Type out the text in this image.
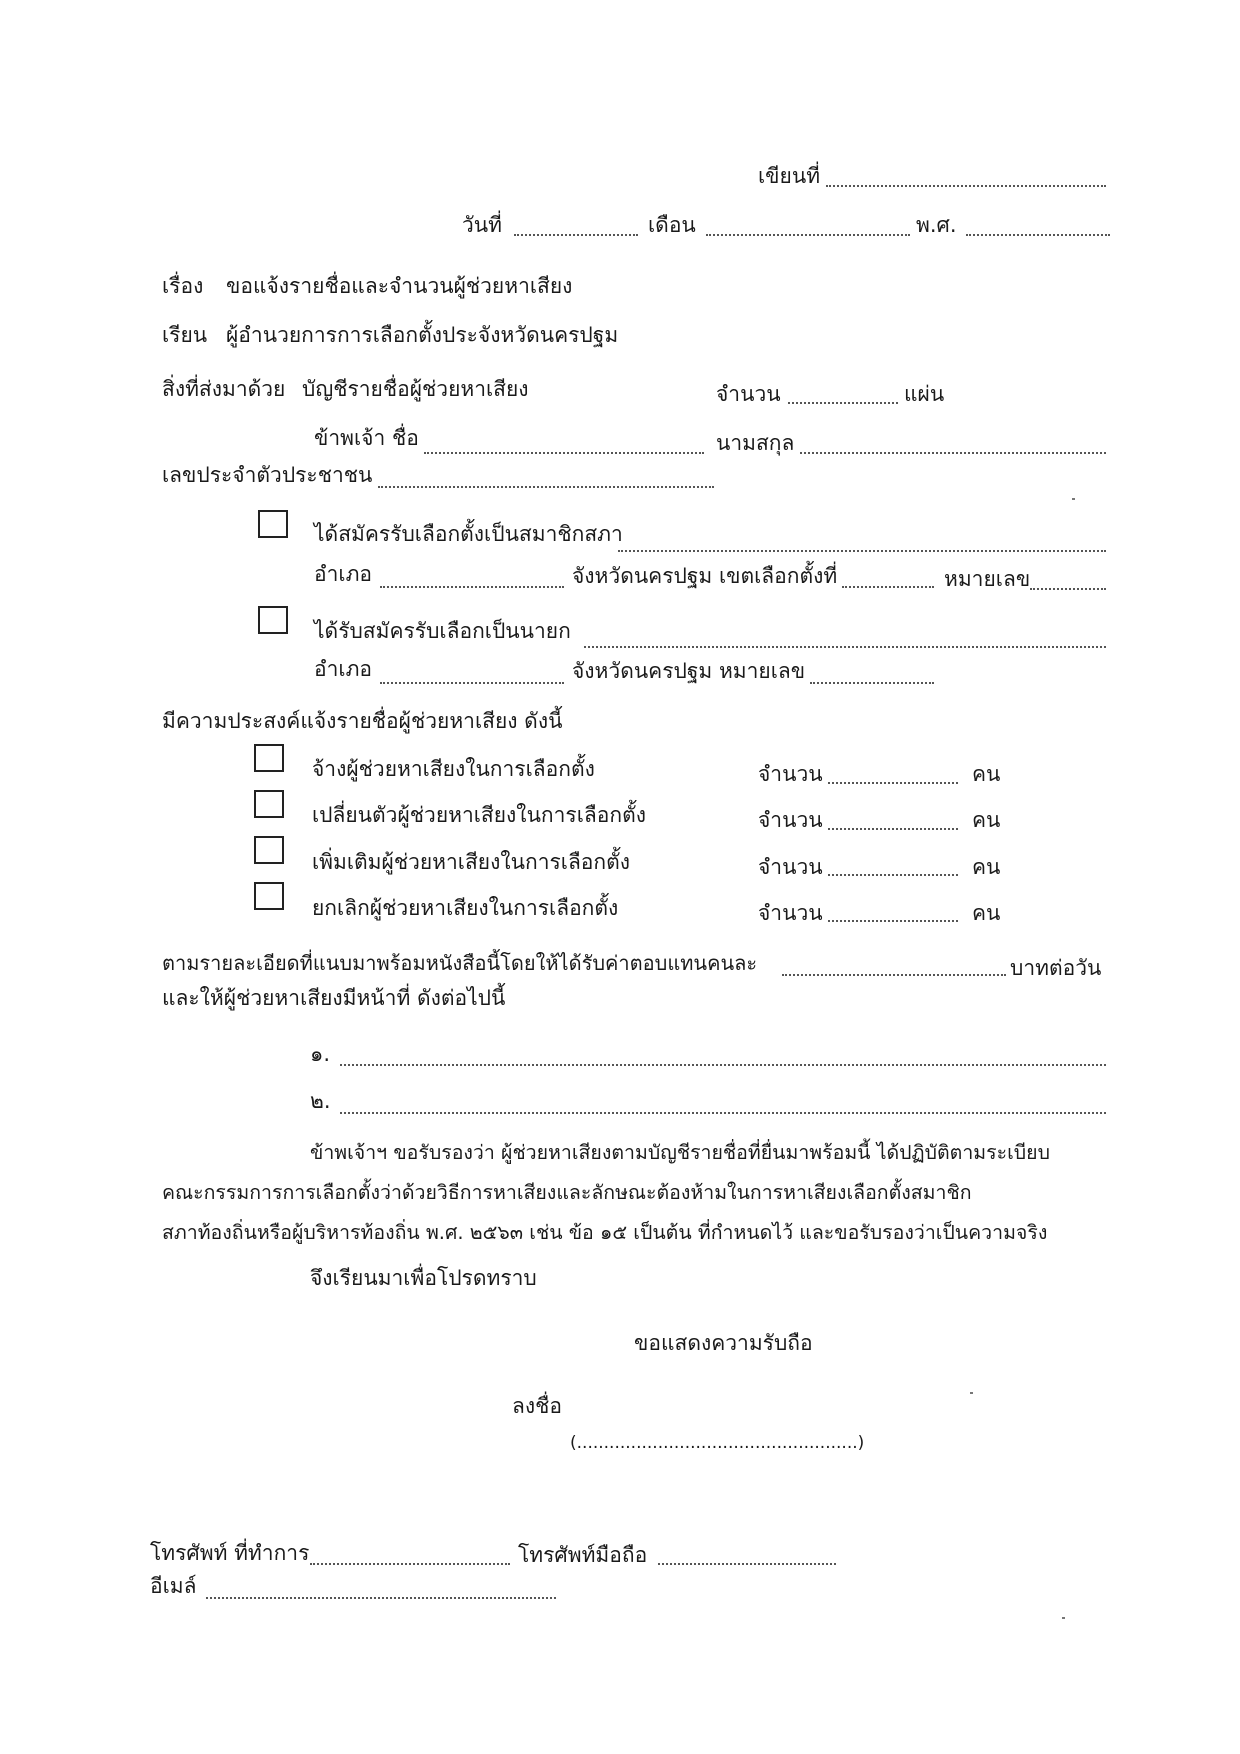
เขียนที่
วันที่	เดือน	พ.ศ.
เรื่อง ขอแจ้งรายชื่อและจำนวนผู้ช่วยหาเสียง
เรียน ผู้อำนวยการการเลือกตั้งประจังหวัดนครปฐม
สิ่งที่ส่งมาด้วย บัญชีรายชื่อผู้ช่วยหาเสียง	จำนวน	แผ่น
ข้าพเจ้า ชื่อ	นามสกุล
เลขประจำตัวประชาชน
ได้สมัครรับเลือกตั้งเป็นสมาชิกสภา
อำเภอ	จังหวัดนครปฐม เขตเลือกตั้งที่	หมายเลข
ได้รับสมัครรับเลือกเป็นนายก
อำเภอ	จังหวัดนครปฐม หมายเลข
มีความประสงค์แจ้งรายชื่อผู้ช่วยหาเสียง ดังนี้
จ้างผู้ช่วยหาเสียงในการเลือกตั้ง	จำนวน	คน
เปลี่ยนตัวผู้ช่วยหาเสียงในการเลือกตั้ง	จำนวน	คน
เพิ่มเติมผู้ช่วยหาเสียงในการเลือกตั้ง	จำนวน	คน
ยกเลิกผู้ช่วยหาเสียงในการเลือกตั้ง	จำนวน	คน
ตามรายละเอียดที่แนบมาพร้อมหนังสือนี้โดยให้ได้รับค่าตอบแทนคนละ	บาทต่อวัน
และให้ผู้ช่วยหาเสียงมีหน้าที่ ดังต่อไปนี้
๑.
๒.
ข้าพเจ้าฯ ขอรับรองว่า ผู้ช่วยหาเสียงตามบัญชีรายชื่อที่ยื่นมาพร้อมนี้ ได้ปฏิบัติตามระเบียบ
คณะกรรมการการเลือกตั้งว่าด้วยวิธีการหาเสียงและลักษณะต้องห้ามในการหาเสียงเลือกตั้งสมาชิก
สภาท้องถิ่นหรือผู้บริหารท้องถิ่น พ.ศ. ๒๕๖๓ เช่น ข้อ ๑๕ เป็นต้น ที่กำหนดไว้ และขอรับรองว่าเป็นความจริง
จึงเรียนมาเพื่อโปรดทราบ
ขอแสดงความรับถือ
ลงชื่อ
(....................................................)
โทรศัพท์ ที่ทำการ	โทรศัพท์มือถือ
อีเมล์
